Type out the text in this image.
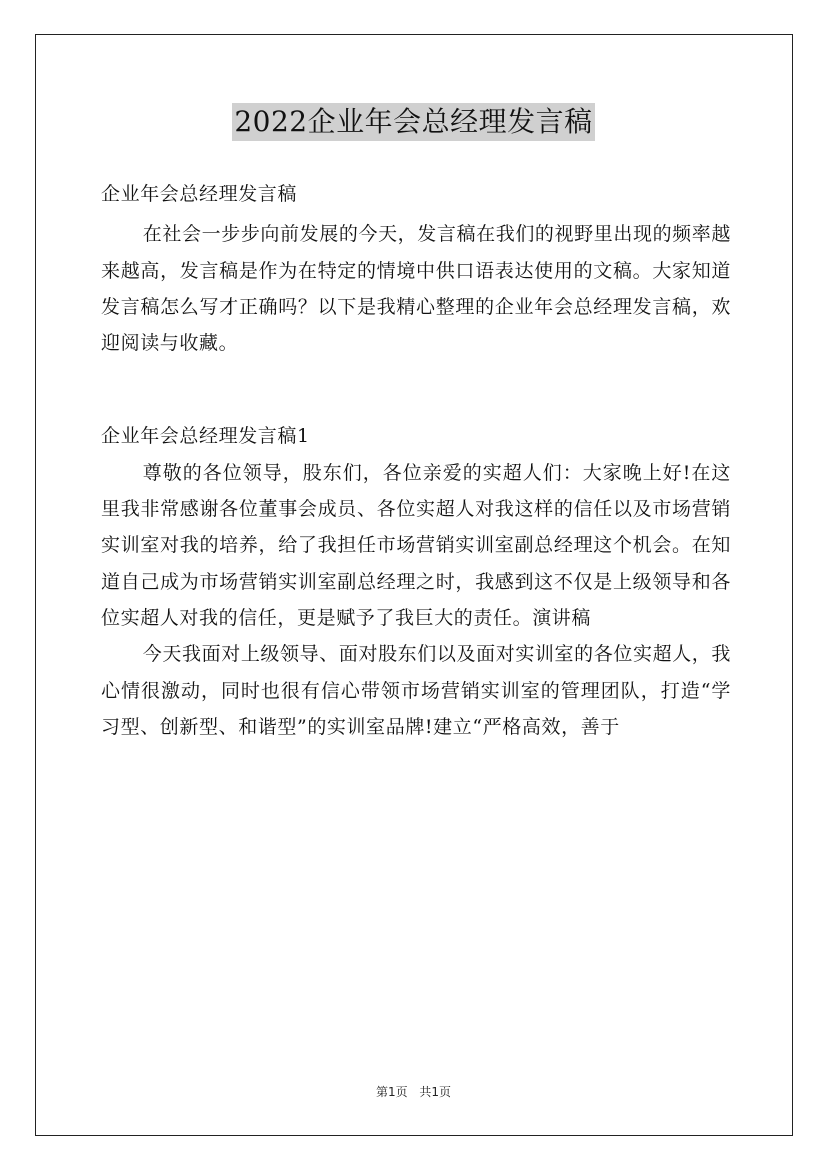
2022企业年会总经理发言稿

企业年会总经理发言稿

在社会一步步向前发展的今天，发言稿在我们的视野里出现的频率越来越高，发言稿是作为在特定的情境中供口语表达使用的文稿。大家知道发言稿怎么写才正确吗？以下是我精心整理的企业年会总经理发言稿，欢迎阅读与收藏。

企业年会总经理发言稿1

尊敬的各位领导，股东们，各位亲爱的实超人们：大家晚上好!在这里我非常感谢各位董事会成员、各位实超人对我这样的信任以及市场营销实训室对我的培养，给了我担任市场营销实训室副总经理这个机会。在知道自己成为市场营销实训室副总经理之时，我感到这不仅是上级领导和各位实超人对我的信任，更是赋予了我巨大的责任。演讲稿

今天我面对上级领导、面对股东们以及面对实训室的各位实超人，我心情很激动，同时也很有信心带领市场营销实训室的管理团队，打造“学习型、创新型、和谐型”的实训室品牌!建立“严格高效，善于

第1页 共1页
